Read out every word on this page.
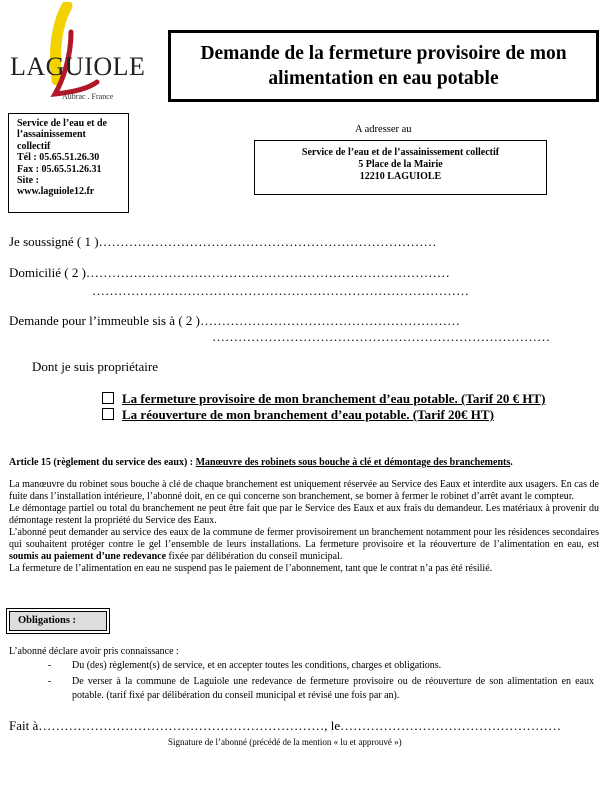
LAGUIOLE
Aubrac . France
Demande de la fermeture provisoire de mon
alimentation en eau potable
Service de l’eau et de
l’assainissement
collectif
Tél : 05.65.51.26.30
Fax : 05.65.51.26.31
Site :
www.laguiole12.fr
A adresser au
Service de l’eau et de l’assainissement collectif
5 Place de la Mairie
12210 LAGUIOLE
Je soussigné ( 1 )……………………………………………………………………
Domicilié ( 2 )…………………………………………………………………………
……………………………………………………………………………
Demande pour l’immeuble sis à ( 2 )……………………………………………………
……………………………………………………………………
Dont je suis propriétaire
La fermeture provisoire de mon branchement d’eau potable. (Tarif 20 € HT)
La réouverture de mon branchement d’eau potable. (Tarif 20€ HT)
Article 15 (règlement du service des eaux) : Manœuvre des robinets sous bouche à clé et démontage des branchements.
La manœuvre du robinet sous bouche à clé de chaque branchement est uniquement réservée au Service des Eaux et interdite aux usagers. En cas de fuite dans l’installation intérieure, l’abonné doit, en ce qui concerne son branchement, se borner à fermer le robinet d’arrêt avant le compteur.
Le démontage partiel ou total du branchement ne peut être fait que par le Service des Eaux et aux frais du demandeur. Les matériaux à provenir du démontage restent la propriété du Service des Eaux.
L’abonné peut demander au service des eaux de la commune de fermer provisoirement un branchement notamment pour les résidences secondaires qui souhaitent protéger contre le gel l’ensemble de leurs installations. La fermeture provisoire et la réouverture de l’alimentation en eau, est soumis au paiement d’une redevance fixée par délibération du conseil municipal.
La fermeture de l’alimentation en eau ne suspend pas le paiement de l’abonnement, tant que le contrat n’a pas été résilié.
Obligations :
L’abonné déclare avoir pris connaissance :
- Du (des) règlement(s) de service, et en accepter toutes les conditions, charges et obligations.
- De verser à la commune de Laguiole une redevance de fermeture provisoire ou de réouverture de son alimentation en eaux potable. (tarif fixé par délibération du conseil municipal et révisé une fois par an).
Fait à…………………………………………………………, le……………………………………………
Signature de l’abonné (précédé de la mention « lu et approuvé »)
